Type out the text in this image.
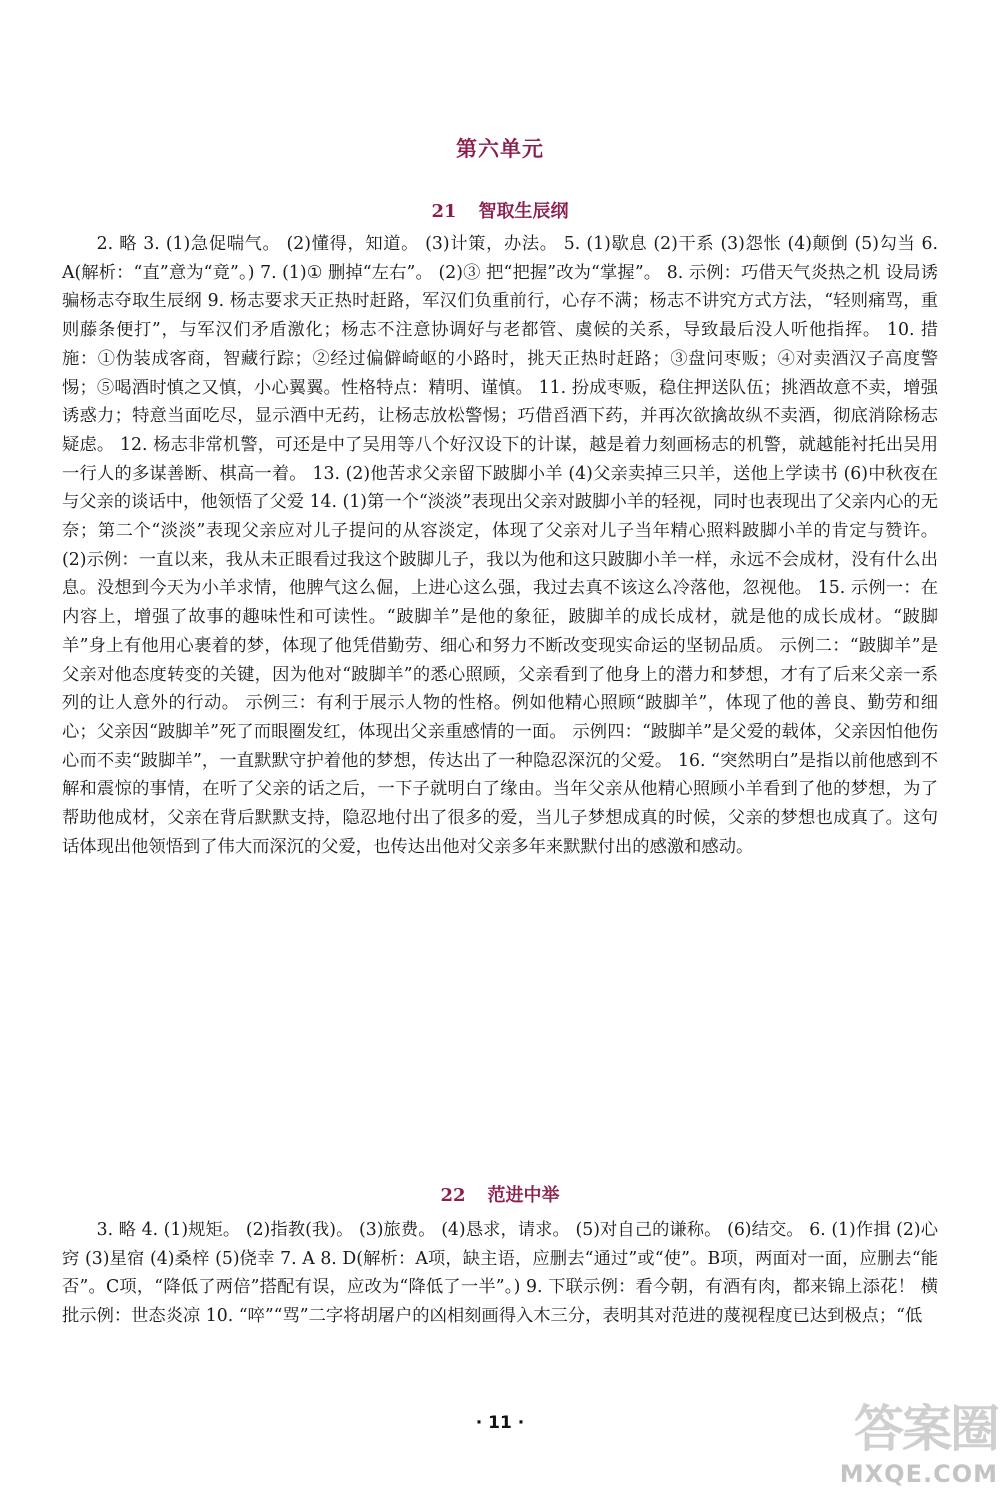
第六单元
21 智取生辰纲

2. 略 3. (1)急促喘气。 (2)懂得，知道。 (3)计策，办法。 5. (1)歇息 (2)干系 (3)怨怅 (4)颠倒 (5)勾当 6. A(解析：“直”意为“竟”。) 7. (1)① 删掉“左右”。 (2)③ 把“把握”改为“掌握”。 8. 示例：巧借天气炎热之机 设局诱骗杨志夺取生辰纲 9. 杨志要求天正热时赶路，军汉们负重前行，心存不满；杨志不讲究方式方法，“轻则痛骂，重则藤条便打”，与军汉们矛盾激化；杨志不注意协调好与老都管、虞候的关系，导致最后没人听他指挥。 10. 措施：①伪装成客商，智藏行踪；②经过偏僻崎岖的小路时，挑天正热时赶路；③盘问枣贩；④对卖酒汉子高度警惕；⑤喝酒时慎之又慎，小心翼翼。性格特点：精明、谨慎。 11. 扮成枣贩，稳住押送队伍；挑酒故意不卖，增强诱惑力；特意当面吃尽，显示酒中无药，让杨志放松警惕；巧借舀酒下药，并再次欲擒故纵不卖酒，彻底消除杨志疑虑。 12. 杨志非常机警，可还是中了吴用等八个好汉设下的计谋，越是着力刻画杨志的机警，就越能衬托出吴用一行人的多谋善断、棋高一着。 13. (2)他苦求父亲留下跛脚小羊 (4)父亲卖掉三只羊，送他上学读书 (6)中秋夜在与父亲的谈话中，他领悟了父爱 14. (1)第一个“淡淡”表现出父亲对跛脚小羊的轻视，同时也表现出了父亲内心的无奈；第二个“淡淡”表现父亲应对儿子提问的从容淡定，体现了父亲对儿子当年精心照料跛脚小羊的肯定与赞许。 (2)示例：一直以来，我从未正眼看过我这个跛脚儿子，我以为他和这只跛脚小羊一样，永远不会成材，没有什么出息。没想到今天为小羊求情，他脾气这么倔，上进心这么强，我过去真不该这么冷落他，忽视他。 15. 示例一：在内容上，增强了故事的趣味性和可读性。“跛脚羊”是他的象征，跛脚羊的成长成材，就是他的成长成材。“跛脚羊”身上有他用心裹着的梦，体现了他凭借勤劳、细心和努力不断改变现实命运的坚韧品质。 示例二：“跛脚羊”是父亲对他态度转变的关键，因为他对“跛脚羊”的悉心照顾，父亲看到了他身上的潜力和梦想，才有了后来父亲一系列的让人意外的行动。 示例三：有利于展示人物的性格。例如他精心照顾“跛脚羊”，体现了他的善良、勤劳和细心；父亲因“跛脚羊”死了而眼圈发红，体现出父亲重感情的一面。 示例四：“跛脚羊”是父爱的载体，父亲因怕他伤心而不卖“跛脚羊”，一直默默守护着他的梦想，传达出了一种隐忍深沉的父爱。 16. “突然明白”是指以前他感到不解和震惊的事情，在听了父亲的话之后，一下子就明白了缘由。当年父亲从他精心照顾小羊看到了他的梦想，为了帮助他成材，父亲在背后默默支持，隐忍地付出了很多的爱，当儿子梦想成真的时候，父亲的梦想也成真了。这句话体现出他领悟到了伟大而深沉的父爱，也传达出他对父亲多年来默默付出的感激和感动。

22 范进中举

3. 略 4. (1)规矩。 (2)指教(我)。 (3)旅费。 (4)恳求，请求。 (5)对自己的谦称。 (6)结交。 6. (1)作揖 (2)心窍 (3)星宿 (4)桑梓 (5)侥幸 7. A 8. D(解析：A项，缺主语，应删去“通过”或“使”。B项，两面对一面，应删去“能否”。C项，“降低了两倍”搭配有误，应改为“降低了一半”。) 9. 下联示例：看今朝，有酒有肉，都来锦上添花！ 横批示例：世态炎凉 10. “啐”“骂”二字将胡屠户的凶相刻画得入木三分，表明其对范进的蔑视程度已达到极点；“低

· 11 ·	答案圈
MXQE.COM
